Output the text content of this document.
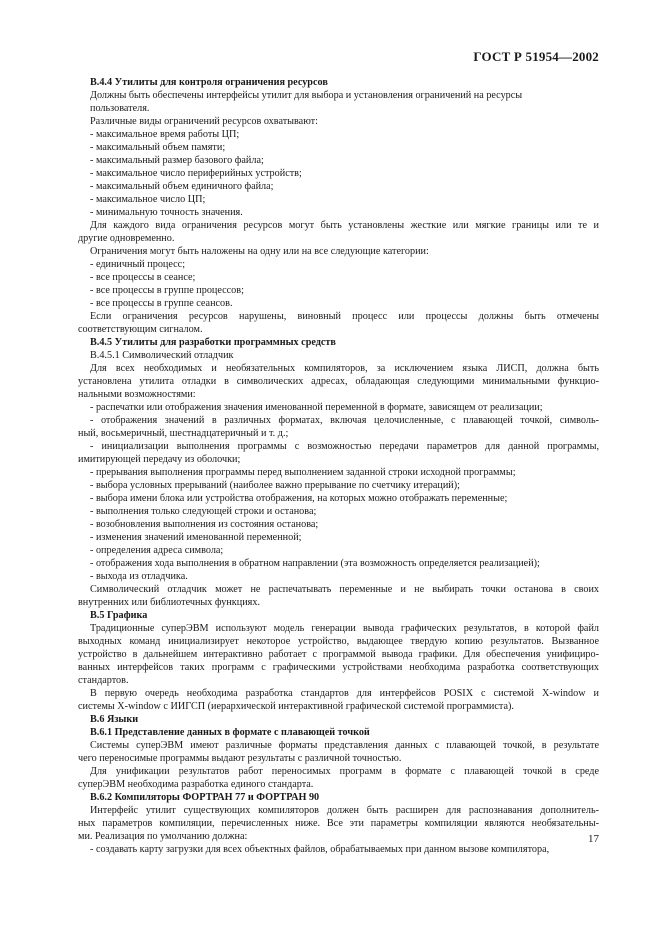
ГОСТ Р 51954—2002

В.4.4 Утилиты для контроля ограничения ресурсов

Должны быть обеспечены интерфейсы утилит для выбора и установления ограничений на ресурсы

пользователя.

Различные виды ограничений ресурсов охватывают:

- максимальное время работы ЦП;

- максимальный объем памяти;

- максимальный размер базового файла;

- максимальное число периферийных устройств;

- максимальный объем единичного файла;

- максимальное число ЦП;

- минимальную точность значения.

Для каждого вида ограничения ресурсов могут быть установлены жесткие или мягкие границы или те и

другие одновременно.

Ограничения могут быть наложены на одну или на все следующие категории:

- единичный процесс;

- все процессы в сеансе;

- все процессы в группе процессов;

- все процессы в группе сеансов.

Если ограничения ресурсов нарушены, виновный процесс или процессы должны быть отмечены

соответствующим сигналом.

В.4.5 Утилиты для разработки программных средств

В.4.5.1 Символический отладчик

Для всех необходимых и необязательных компиляторов, за исключением языка ЛИСП, должна быть

установлена утилита отладки в символических адресах, обладающая следующими минимальными функцио-

нальными возможностями:

- распечатки или отображения значения именованной переменной в формате, зависящем от реализации;

- отображения значений в различных форматах, включая целочисленные, с плавающей точкой, символь-

ный, восьмеричный, шестнадцатеричный и т. д.;

- инициализации выполнения программы с возможностью передачи параметров для данной программы,

имитирующей передачу из оболочки;

- прерывания выполнения программы перед выполнением заданной строки исходной программы;

- выбора условных прерываний (наиболее важно прерывание по счетчику итераций);

- выбора имени блока или устройства отображения, на которых можно отображать переменные;

- выполнения только следующей строки и останова;

- возобновления выполнения из состояния останова;

- изменения значений именованной переменной;

- определения адреса символа;

- отображения хода выполнения в обратном направлении (эта возможность определяется реализацией);

- выхода из отладчика.

Символический отладчик может не распечатывать переменные и не выбирать точки останова в своих

внутренних или библиотечных функциях.

В.5 Графика

Традиционные суперЭВМ используют модель генерации вывода графических результатов, в которой файл

выходных команд инициализирует некоторое устройство, выдающее твердую копию результатов. Вызванное

устройство в дальнейшем интерактивно работает с программой вывода графики. Для обеспечения унифициро-

ванных интерфейсов таких программ с графическими устройствами необходима разработка соответствующих

стандартов.

В первую очередь необходима разработка стандартов для интерфейсов POSIX с системой X-window и

системы X-window с ИИГСП (иерархической интерактивной графической системой программиста).

В.6 Языки

В.6.1 Представление данных в формате с плавающей точкой

Системы суперЭВМ имеют различные форматы представления данных с плавающей точкой, в результате

чего переносимые программы выдают результаты с различной точностью.

Для унификации результатов работ переносимых программ в формате с плавающей точкой в среде

суперЭВМ необходима разработка единого стандарта.

В.6.2 Компиляторы ФОРТРАН 77 и ФОРТРАН 90

Интерфейс утилит существующих компиляторов должен быть расширен для распознавания дополнитель-

ных параметров компиляции, перечисленных ниже. Все эти параметры компиляции являются необязательны-

ми. Реализация по умолчанию должна:

- создавать карту загрузки для всех объектных файлов, обрабатываемых при данном вызове компилятора,

17
